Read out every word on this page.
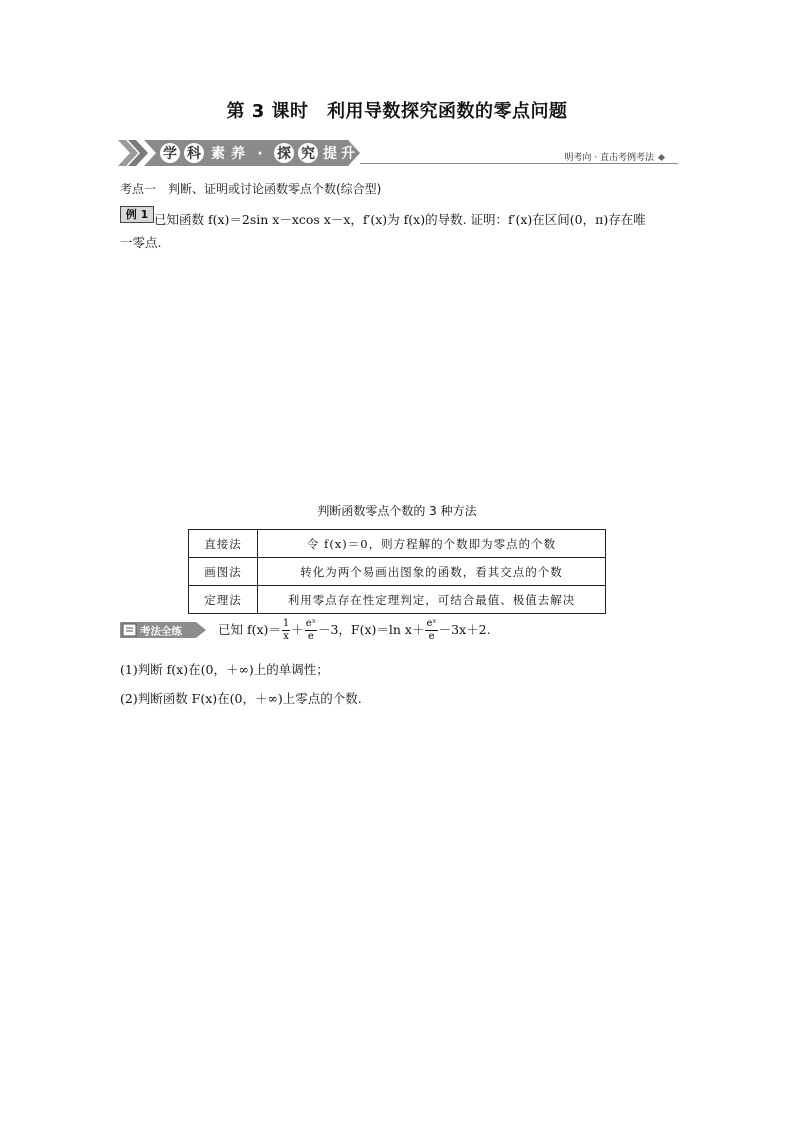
第 3 课时　利用导数探究函数的零点问题
学 科 素 养 · 探 究 提 升	明考向 · 直击考例考法
考点一　判断、证明或讨论函数零点个数(综合型)
例 1 已知函数 f(x)＝2sin x－xcos x－x，f′(x)为 f(x)的导数. 证明：f′(x)在区间(0，π)存在唯
一零点.
判断函数零点个数的 3 种方法
直接法	令 f(x)＝0，则方程解的个数即为零点的个数
画图法	转化为两个易画出图象的函数，看其交点的个数
定理法	利用零点存在性定理判定，可结合最值、极值去解决
考法全练	已知 $f(x)= \frac{1}{x} + \frac{\text{eˣ}}{e} -3$，F(x)＝ln $x+ \frac{\text{eˣ}}{e} -3x+2$.
(1)判断 f(x)在(0，＋∞)上的单调性；
(2)判断函数 F(x)在(0，＋∞)上零点的个数.
